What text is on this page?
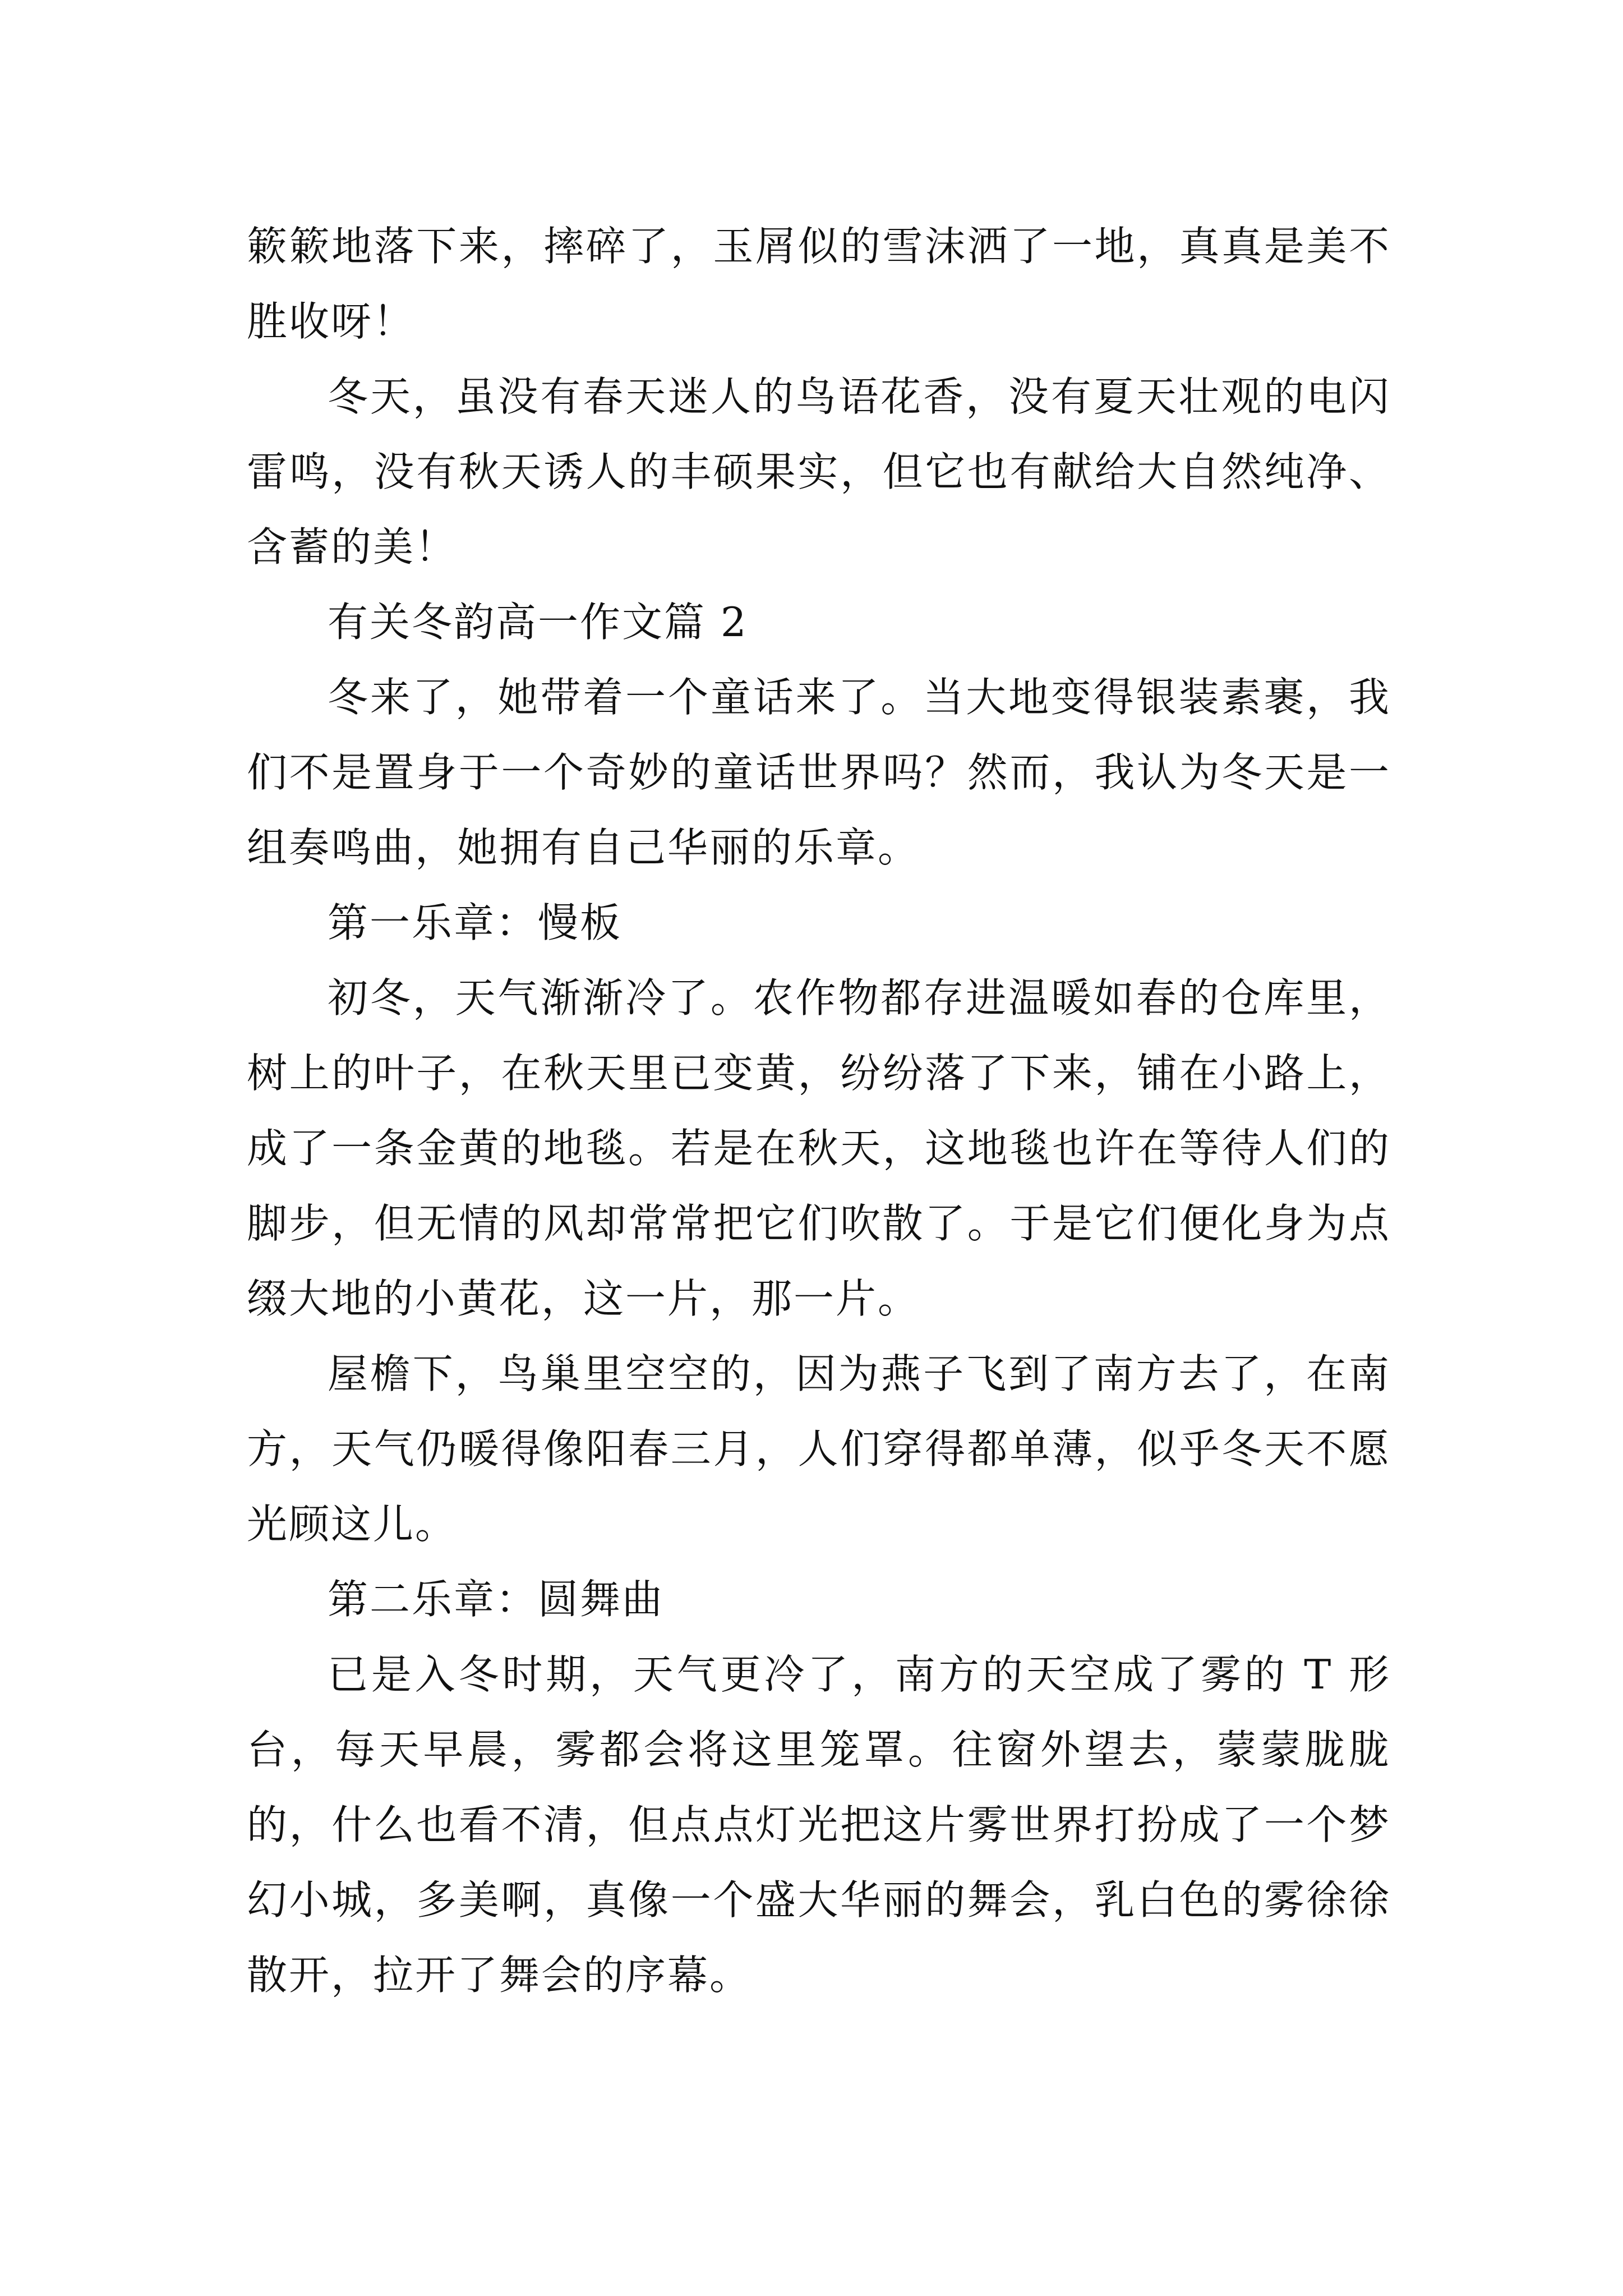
簌簌地落下来，摔碎了，玉屑似的雪沫洒了一地，真真是美不胜收呀！

冬天，虽没有春天迷人的鸟语花香，没有夏天壮观的电闪雷鸣，没有秋天诱人的丰硕果实，但它也有献给大自然纯净、含蓄的美！

有关冬韵高一作文篇 2

冬来了，她带着一个童话来了。当大地变得银装素裹，我们不是置身于一个奇妙的童话世界吗？然而，我认为冬天是一组奏鸣曲，她拥有自己华丽的乐章。

第一乐章：慢板

初冬，天气渐渐冷了。农作物都存进温暖如春的仓库里，树上的叶子，在秋天里已变黄，纷纷落了下来，铺在小路上，成了一条金黄的地毯。若是在秋天，这地毯也许在等待人们的脚步，但无情的风却常常把它们吹散了。于是它们便化身为点缀大地的小黄花，这一片，那一片。

屋檐下，鸟巢里空空的，因为燕子飞到了南方去了，在南方，天气仍暖得像阳春三月，人们穿得都单薄，似乎冬天不愿光顾这儿。

第二乐章：圆舞曲

已是入冬时期，天气更冷了，南方的天空成了雾的 T 形台，每天早晨，雾都会将这里笼罩。往窗外望去，蒙蒙胧胧的，什么也看不清，但点点灯光把这片雾世界打扮成了一个梦幻小城，多美啊，真像一个盛大华丽的舞会，乳白色的雾徐徐散开，拉开了舞会的序幕。
